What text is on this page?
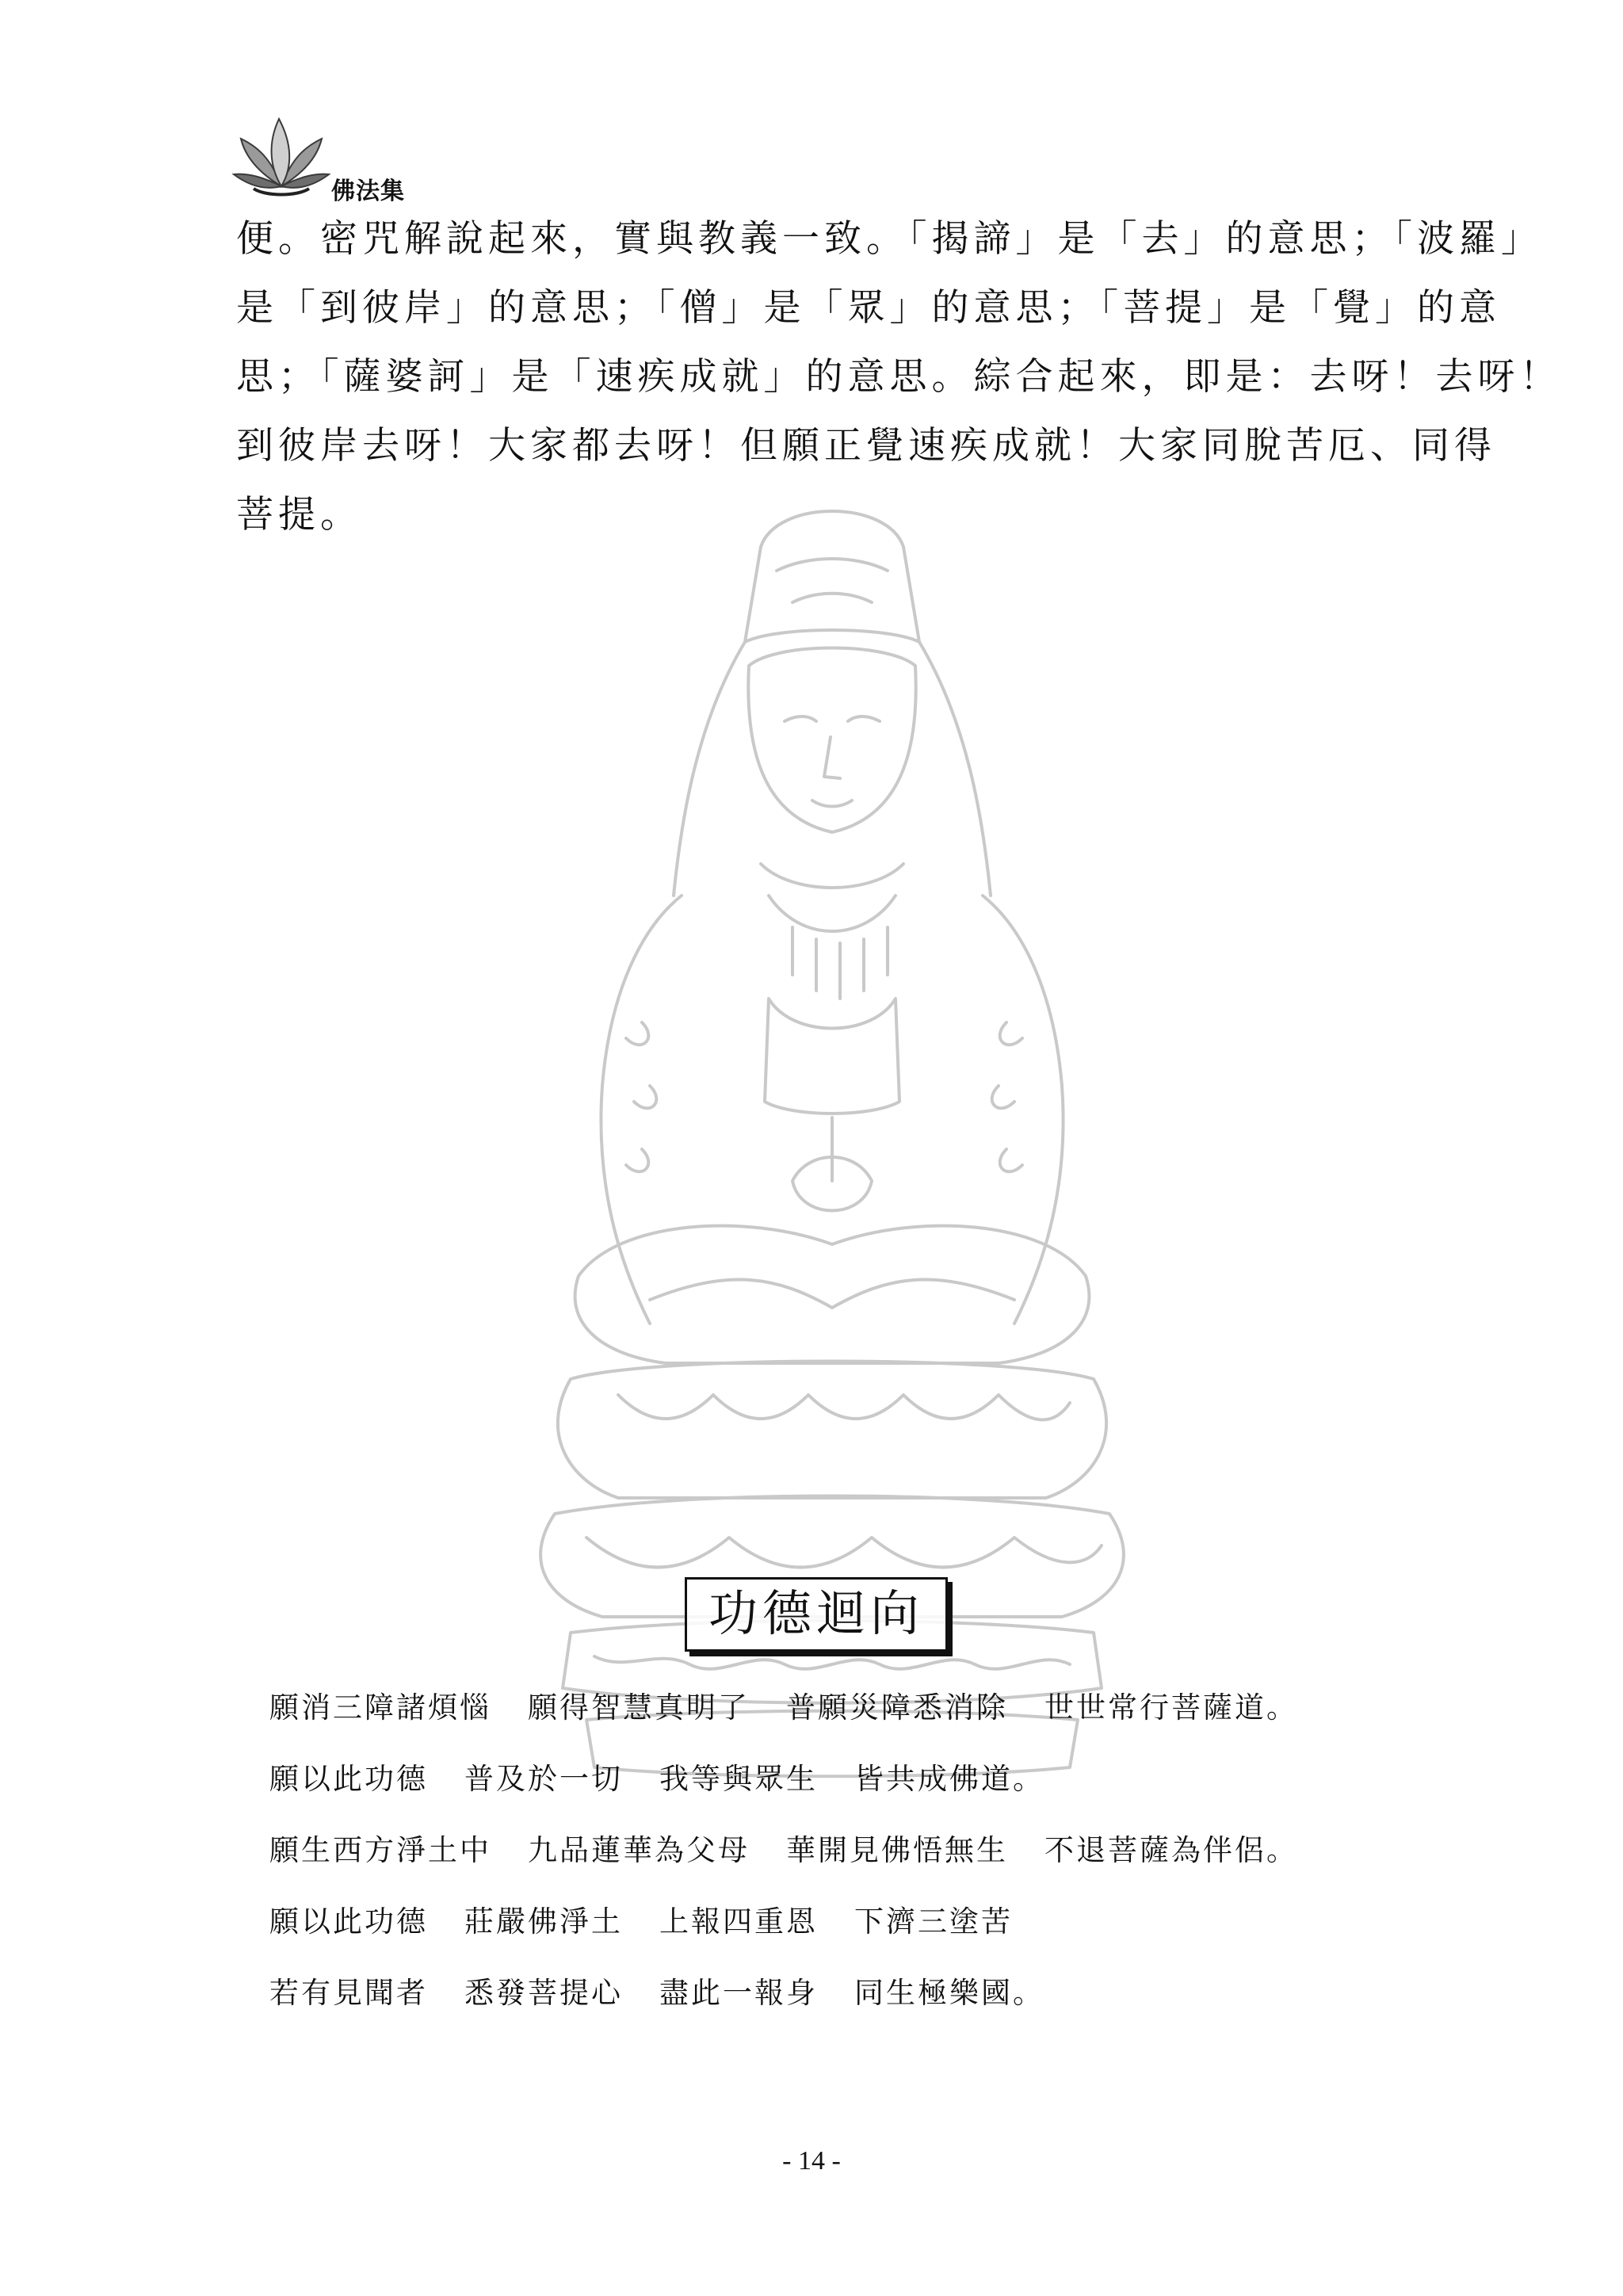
佛法集

便。密咒解說起來，實與教義一致。「揭諦」是「去」的意思；「波羅」

是「到彼岸」的意思；「僧」是「眾」的意思；「菩提」是「覺」的意

思；「薩婆訶」是「速疾成就」的意思。綜合起來，即是：去呀！去呀！

到彼岸去呀！大家都去呀！但願正覺速疾成就！大家同脫苦厄、同得

菩提。

功德迴向
願消三障諸煩惱 願得智慧真明了 普願災障悉消除 世世常行菩薩道。
願以此功德 普及於一切 我等與眾生 皆共成佛道。
願生西方淨土中 九品蓮華為父母 華開見佛悟無生 不退菩薩為伴侶。
願以此功德 莊嚴佛淨土 上報四重恩 下濟三塗苦
若有見聞者 悉發菩提心 盡此一報身 同生極樂國。
- 14 -
